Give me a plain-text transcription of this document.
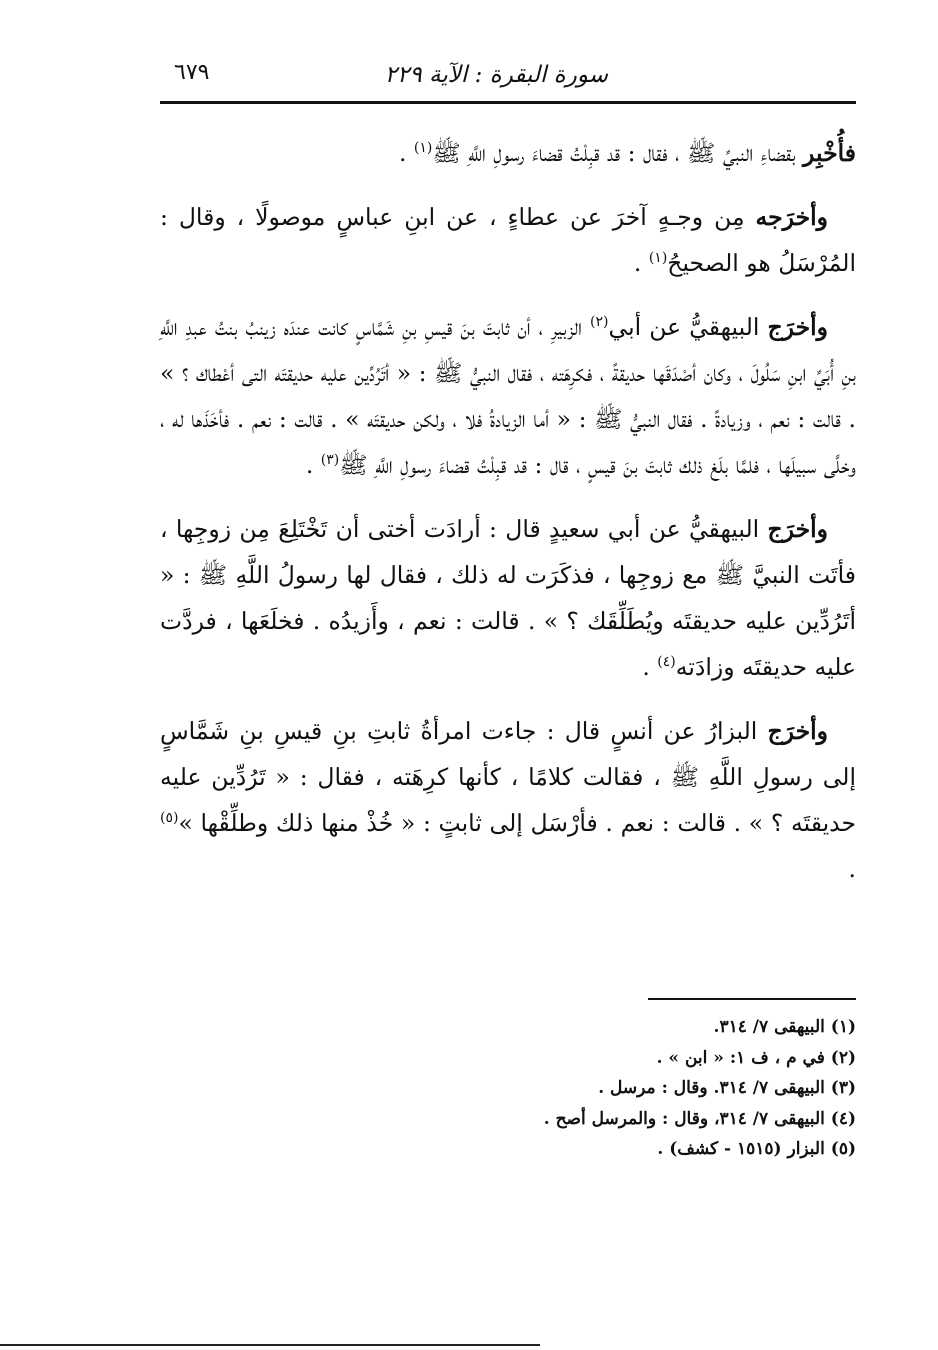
سورة البقرة : الآية ٢٢٩
٦٧٩

فأُخْبِر بقضاءِ النبيِّ ﷺ ، فقال : قد قبِلْتُ قضاءَ رسولِ اللَّهِ ﷺ$^{(١)}$ .

وأخرَجه مِن وجـهٍ آخرَ عن عطاءٍ ، عن ابنِ عباسٍ موصولًا ، وقال : المُرْسَلُ هو الصحيحُ$^{(١)}$ .

وأخرَج البيهقيُّ عن أبي$^{(٢)}$ الزبيرِ ، أن ثابتَ بنَ قيسِ بنِ شَمَّاسٍ كانت عندَه زينبُ بنتُ عبدِ اللَّهِ بنِ أُبَيِّ ابنِ سَلُولَ ، وكان أصْدَقَها حديقةً ، فكرِهَته ، فقال النبيُّ ﷺ : « أتَرُدِّين عليه حديقتَه التى أعْطاك ؟ » . قالت : نعم ، وزيادةً . فقال النبيُّ ﷺ : « أما الزيادةُ فلا ، ولكن حديقتَه » . قالت : نعم . فأخَذَها له ، وخلَّى سبيلَها ، فلمَّا بلَغ ذلك ثابتَ بنَ قيسٍ ، قال : قد قبِلْتُ قضاءَ رسولِ اللَّهِ ﷺ$^{(٣)}$ .

وأخرَج البيهقيُّ عن أبي سعيدٍ قال : أرادَت أختى أن تَخْتَلِعَ مِن زوجِها ، فأتَت النبيَّ ﷺ مع زوجِها ، فذكَرَت له ذلك ، فقال لها رسولُ اللَّهِ ﷺ : « أتَرُدِّين عليه حديقتَه ويُطَلِّقَك ؟ » . قالت : نعم ، وأَزيدُه . فخلَعَها ، فردَّت عليه حديقتَه وزادَته$^{(٤)}$ .

وأخرَج البزارُ عن أنسٍ قال : جاءت امرأةُ ثابتِ بنِ قيسِ بنِ شَمَّاسٍ إلى رسولِ اللَّهِ ﷺ ، فقالت كلامًا ، كأنها كرِهَته ، فقال : « تَرُدِّين عليه حديقتَه ؟ » . قالت : نعم . فأرْسَل إلى ثابتٍ : « خُذْ منها ذلك وطلِّقْها »$^{(٥)}$ .

(١) البيهقى ٧/ ٣١٤.
(٢) في م ، ف ١: « ابن » .
(٣) البيهقى ٧/ ٣١٤. وقال : مرسل .
(٤) البيهقى ٧/ ٣١٤، وقال : والمرسل أصح .
(٥) البزار (١٥١٥ - كشف) .
